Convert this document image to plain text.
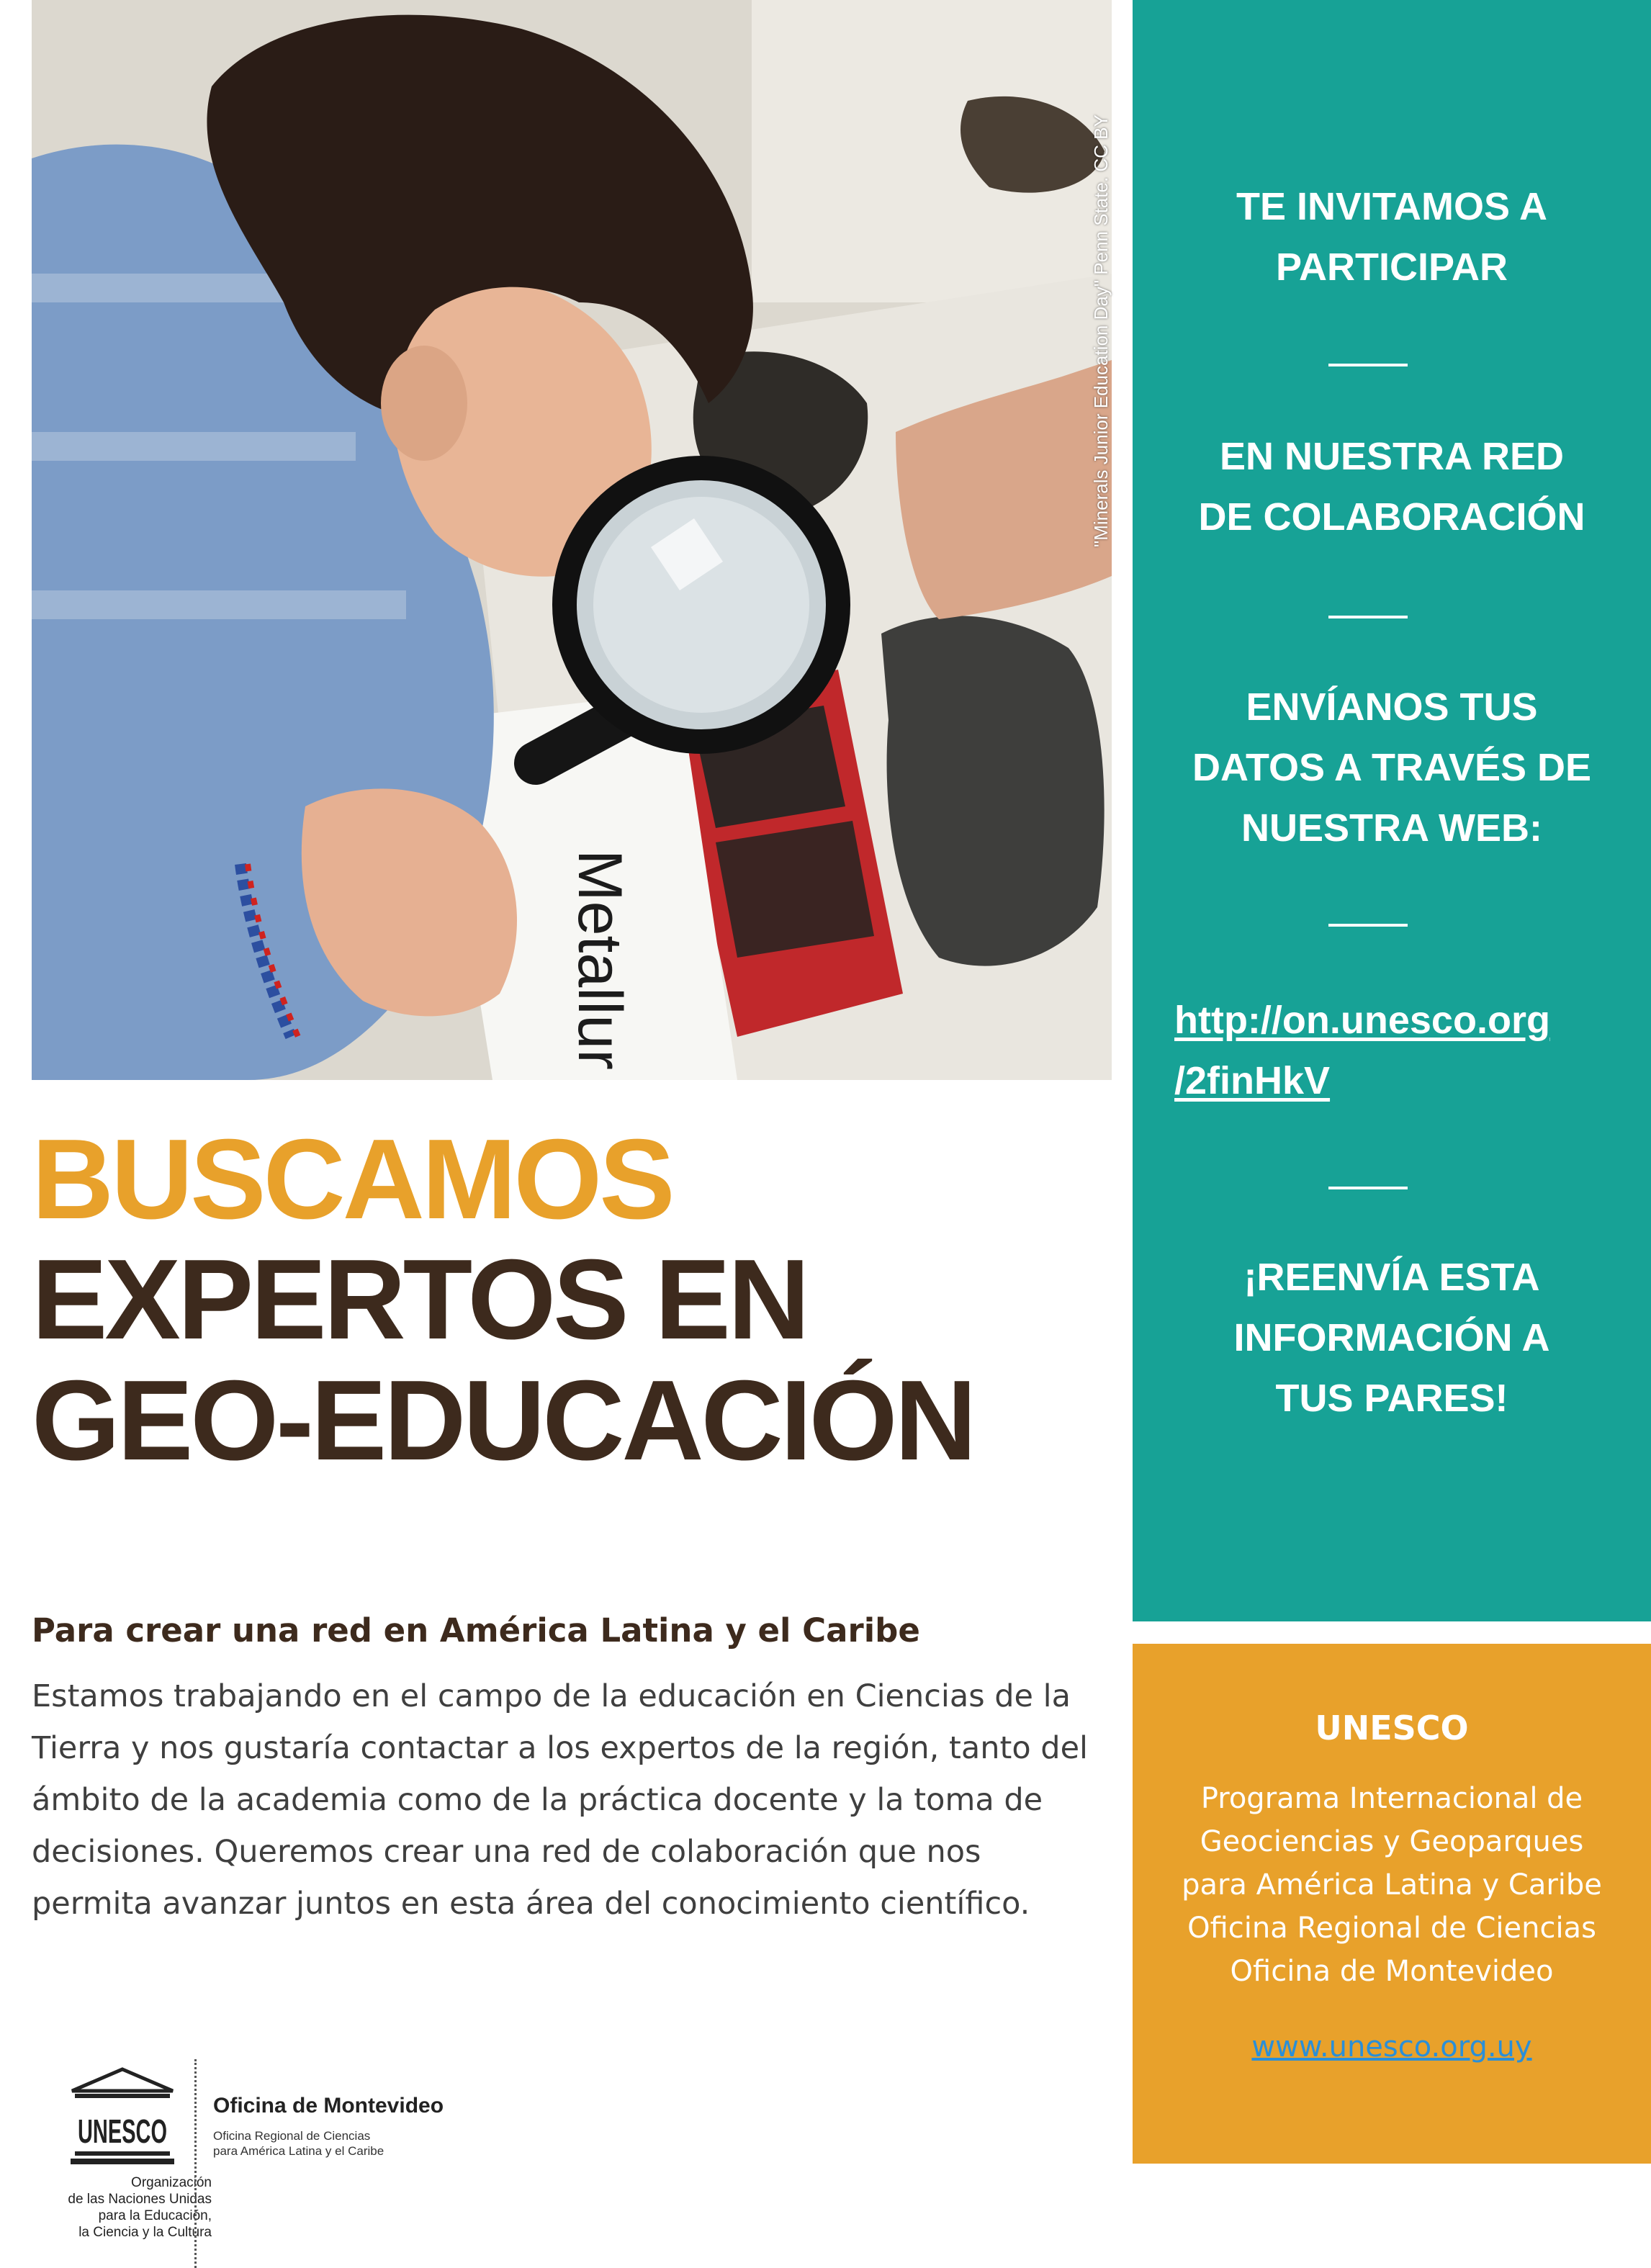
Metallur
"Minerals Junior Education Day" Penn State. CC BY
BUSCAMOS
EXPERTOS EN
GEO-EDUCACIÓN

Para crear una red en América Latina y el Caribe

Estamos trabajando en el campo de la educación en Ciencias de la
Tierra y nos gustaría contactar a los expertos de la región, tanto del
ámbito de la academia como de la práctica docente y la toma de
decisiones. Queremos crear una red de colaboración que nos
permita avanzar juntos en esta área del conocimiento científico.
TE INVITAMOS A
PARTICIPAR
EN NUESTRA RED
DE COLABORACIÓN
ENVÍANOS TUS
DATOS A TRAVÉS DE
NUESTRA WEB:
http://on.unesco.org
/2finHkV
¡REENVÍA ESTA
INFORMACIÓN A
TUS PARES!
UNESCO
Programa Internacional de
Geociencias y Geoparques
para América Latina y Caribe
Oficina Regional de Ciencias
Oficina de Montevideo
www.unesco.org.uy
UNESCO
Organización
de las Naciones Unidas
para la Educación,
la Ciencia y la Cultura
Oficina de Montevideo
Oficina Regional de Ciencias
para América Latina y el Caribe
